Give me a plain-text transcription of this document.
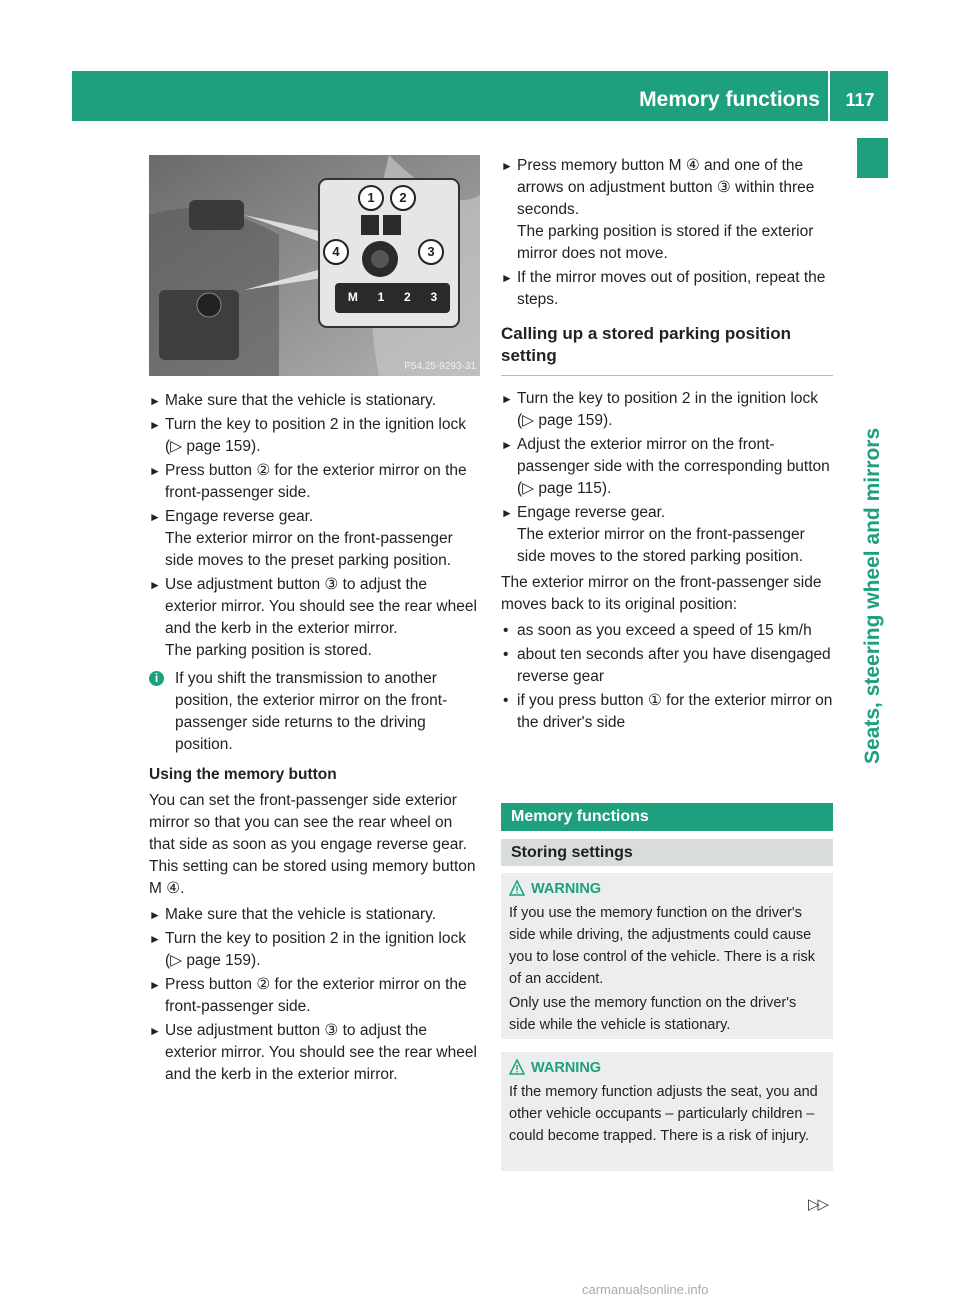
Memory functions	117
Seats, steering wheel and mirrors
M 1 2 3
1	2
3
4
P54.25-9293-31
► Make sure that the vehicle is stationary.
► Turn the key to position 2 in the ignition lock (▷ page 159).
► Press button ② for the exterior mirror on the front-passenger side.
► Engage reverse gear.
The exterior mirror on the front-passenger side moves to the preset parking position.
► Use adjustment button ③ to adjust the exterior mirror. You should see the rear wheel and the kerb in the exterior mirror.
The parking position is stored.
i	If you shift the transmission to another position, the exterior mirror on the front-passenger side returns to the driving position.
Using the memory button
You can set the front-passenger side exterior mirror so that you can see the rear wheel on that side as soon as you engage reverse gear. This setting can be stored using memory button M ④.
► Make sure that the vehicle is stationary.
► Turn the key to position 2 in the ignition lock (▷ page 159).
► Press button ② for the exterior mirror on the front-passenger side.
► Use adjustment button ③ to adjust the exterior mirror. You should see the rear wheel and the kerb in the exterior mirror.
► Press memory button M ④ and one of the arrows on adjustment button ③ within three seconds.
The parking position is stored if the exterior mirror does not move.
► If the mirror moves out of position, repeat the steps.
Calling up a stored parking position setting
► Turn the key to position 2 in the ignition lock (▷ page 159).
► Adjust the exterior mirror on the front-passenger side with the corresponding button (▷ page 115).
► Engage reverse gear.
The exterior mirror on the front-passenger side moves to the stored parking position.
The exterior mirror on the front-passenger side moves back to its original position:
• as soon as you exceed a speed of 15 km/h
• about ten seconds after you have disengaged reverse gear
• if you press button ① for the exterior mirror on the driver's side
Memory functions
Storing settings
WARNING

If you use the memory function on the driver's side while driving, the adjustments could cause you to lose control of the vehicle. There is a risk of an accident.

Only use the memory function on the driver's side while the vehicle is stationary.

WARNING

If the memory function adjusts the seat, you and other vehicle occupants – particularly children – could become trapped. There is a risk of injury.

▷▷
carmanualsonline.info
